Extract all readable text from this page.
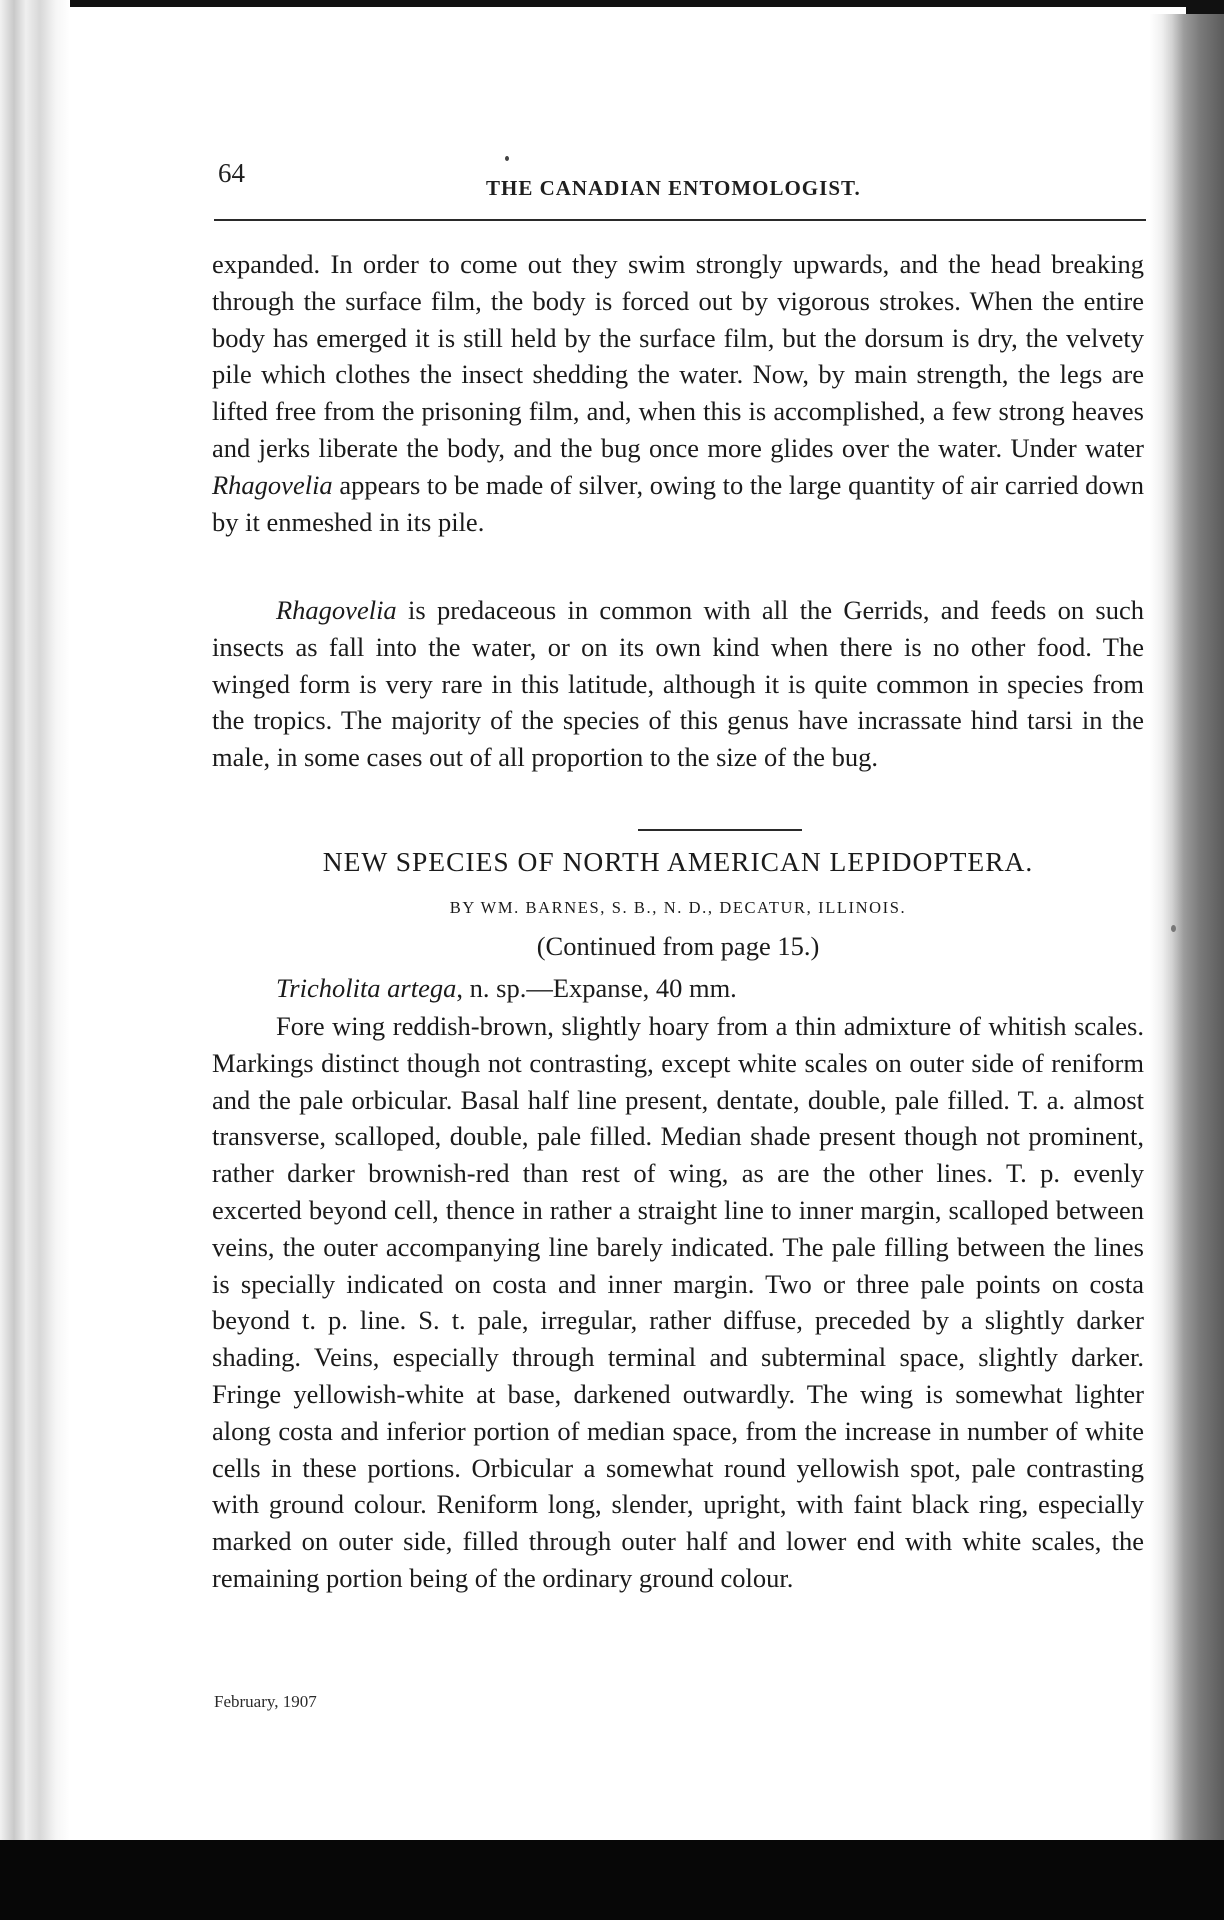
64	THE CANADIAN ENTOMOLOGIST.

expanded. In order to come out they swim strongly upwards, and the head breaking through the surface film, the body is forced out by vigorous strokes. When the entire body has emerged it is still held by the surface film, but the dorsum is dry, the velvety pile which clothes the insect shedding the water. Now, by main strength, the legs are lifted free from the prisoning film, and, when this is accomplished, a few strong heaves and jerks liberate the body, and the bug once more glides over the water. Under water Rhagovelia appears to be made of silver, owing to the large quantity of air carried down by it enmeshed in its pile.

Rhagovelia is predaceous in common with all the Gerrids, and feeds on such insects as fall into the water, or on its own kind when there is no other food. The winged form is very rare in this latitude, although it is quite common in species from the tropics. The majority of the species of this genus have incrassate hind tarsi in the male, in some cases out of all proportion to the size of the bug.

NEW SPECIES OF NORTH AMERICAN LEPIDOPTERA.
BY WM. BARNES, S. B., N. D., DECATUR, ILLINOIS.
(Continued from page 15.)

Tricholita artega, n. sp.—Expanse, 40 mm.

Fore wing reddish-brown, slightly hoary from a thin admixture of whitish scales. Markings distinct though not contrasting, except white scales on outer side of reniform and the pale orbicular. Basal half line present, dentate, double, pale filled. T. a. almost transverse, scalloped, double, pale filled. Median shade present though not prominent, rather darker brownish-red than rest of wing, as are the other lines. T. p. evenly excerted beyond cell, thence in rather a straight line to inner margin, scalloped between veins, the outer accompanying line barely indicated. The pale filling between the lines is specially indicated on costa and inner margin. Two or three pale points on costa beyond t. p. line. S. t. pale, irregular, rather diffuse, preceded by a slightly darker shading. Veins, especially through terminal and subterminal space, slightly darker. Fringe yellowish-white at base, darkened outwardly. The wing is somewhat lighter along costa and inferior portion of median space, from the increase in number of white cells in these portions. Orbicular a somewhat round yellowish spot, pale contrasting with ground colour. Reniform long, slender, upright, with faint black ring, especially marked on outer side, filled through outer half and lower end with white scales, the remaining portion being of the ordinary ground colour.

February, 1907
